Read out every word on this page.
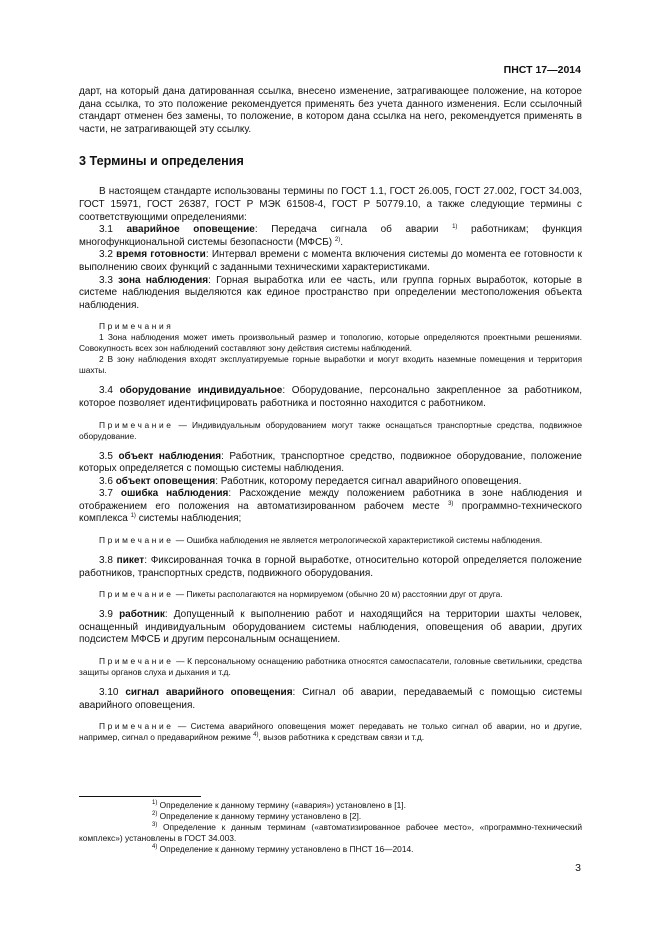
ПНСТ 17—2014

дарт, на который дана датированная ссылка, внесено изменение, затрагивающее положение, на которое дана ссылка, то это положение рекомендуется применять без учета данного изменения. Если ссылочный стандарт отменен без замены, то положение, в котором дана ссылка на него, рекомендуется применять в части, не затрагивающей эту ссылку.

3 Термины и определения

В настоящем стандарте использованы термины по ГОСТ 1.1, ГОСТ 26.005, ГОСТ 27.002, ГОСТ 34.003, ГОСТ 15971, ГОСТ 26387, ГОСТ Р МЭК 61508-4, ГОСТ Р 50779.10, а также следующие термины с соответствующими определениями:

3.1 аварийное оповещение: Передача сигнала об аварии $^{1)}$ работникам; функция многофункциональной системы безопасности (МФСБ) $^{2)}$.

3.2 время готовности: Интервал времени с момента включения системы до момента ее готовности к выполнению своих функций с заданными техническими характеристиками.

3.3 зона наблюдения: Горная выработка или ее часть, или группа горных выработок, которые в системе наблюдения выделяются как единое пространство при определении местоположения объекта наблюдения.

Примечания

1 Зона наблюдения может иметь произвольный размер и топологию, которые определяются проектными решениями. Совокупность всех зон наблюдений составляют зону действия системы наблюдений.

2 В зону наблюдения входят эксплуатируемые горные выработки и могут входить наземные помещения и территория шахты.

3.4 оборудование индивидуальное: Оборудование, персонально закрепленное за работником, которое позволяет идентифицировать работника и постоянно находится с работником.

Примечание — Индивидуальным оборудованием могут также оснащаться транспортные средства, подвижное оборудование.

3.5 объект наблюдения: Работник, транспортное средство, подвижное оборудование, положение которых определяется с помощью системы наблюдения.

3.6 объект оповещения: Работник, которому передается сигнал аварийного оповещения.

3.7 ошибка наблюдения: Расхождение между положением работника в зоне наблюдения и отображением его положения на автоматизированном рабочем месте $^{3)}$ программно-технического комплекса $^{1)}$ системы наблюдения;

Примечание — Ошибка наблюдения не является метрологической характеристикой системы наблюдения.

3.8 пикет: Фиксированная точка в горной выработке, относительно которой определяется положение работников, транспортных средств, подвижного оборудования.

Примечание — Пикеты располагаются на нормируемом (обычно 20 м) расстоянии друг от друга.

3.9 работник: Допущенный к выполнению работ и находящийся на территории шахты человек, оснащенный индивидуальным оборудованием системы наблюдения, оповещения об аварии, других подсистем МФСБ и другим персональным оснащением.

Примечание — К персональному оснащению работника относятся самоспасатели, головные светильники, средства защиты органов слуха и дыхания и т.д.

3.10 сигнал аварийного оповещения: Сигнал об аварии, передаваемый с помощью системы аварийного оповещения.

Примечание — Система аварийного оповещения может передавать не только сигнал об аварии, но и другие, например, сигнал о предаварийном режиме $^{4)}$, вызов работника к средствам связи и т.д.

$^{1)}$ Определение к данному термину («авария») установлено в [1].

$^{2)}$ Определение к данному термину установлено в [2].

$^{3)}$ Определение к данным терминам («автоматизированное рабочее место», «программно-технический комплекс») установлены в ГОСТ 34.003.

$^{4)}$ Определение к данному термину установлено в ПНСТ 16—2014.

3
